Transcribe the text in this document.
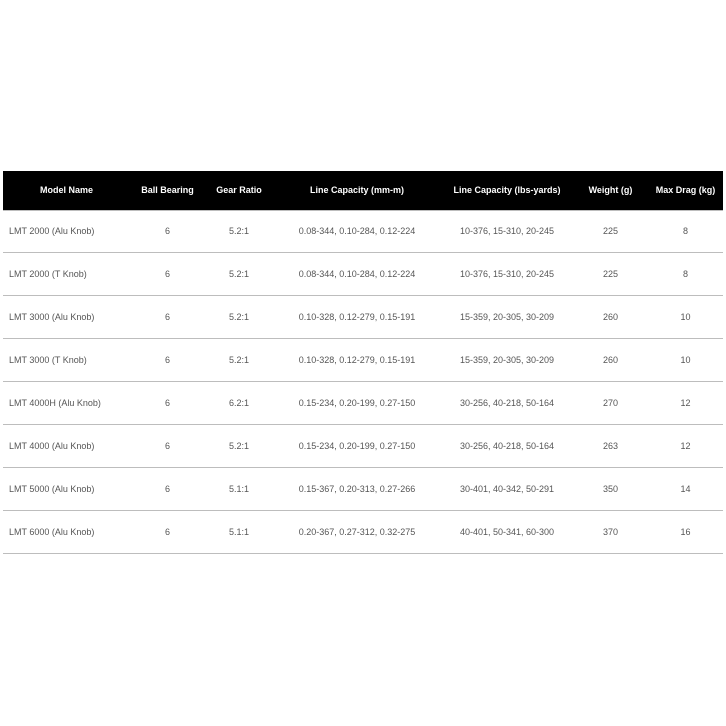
Model Name	Ball Bearing	Gear Ratio	Line Capacity (mm-m)	Line Capacity (lbs-yards)	Weight (g)	Max Drag (kg)
LMT 2000 (Alu Knob)	6	5.2:1	0.08-344, 0.10-284, 0.12-224	10-376, 15-310, 20-245	225	8
LMT 2000 (T Knob)	6	5.2:1	0.08-344, 0.10-284, 0.12-224	10-376, 15-310, 20-245	225	8
LMT 3000 (Alu Knob)	6	5.2:1	0.10-328, 0.12-279, 0.15-191	15-359, 20-305, 30-209	260	10
LMT 3000 (T Knob)	6	5.2:1	0.10-328, 0.12-279, 0.15-191	15-359, 20-305, 30-209	260	10
LMT 4000H (Alu Knob)	6	6.2:1	0.15-234, 0.20-199, 0.27-150	30-256, 40-218, 50-164	270	12
LMT 4000 (Alu Knob)	6	5.2:1	0.15-234, 0.20-199, 0.27-150	30-256, 40-218, 50-164	263	12
LMT 5000 (Alu Knob)	6	5.1:1	0.15-367, 0.20-313, 0.27-266	30-401, 40-342, 50-291	350	14
LMT 6000 (Alu Knob)	6	5.1:1	0.20-367, 0.27-312, 0.32-275	40-401, 50-341, 60-300	370	16
